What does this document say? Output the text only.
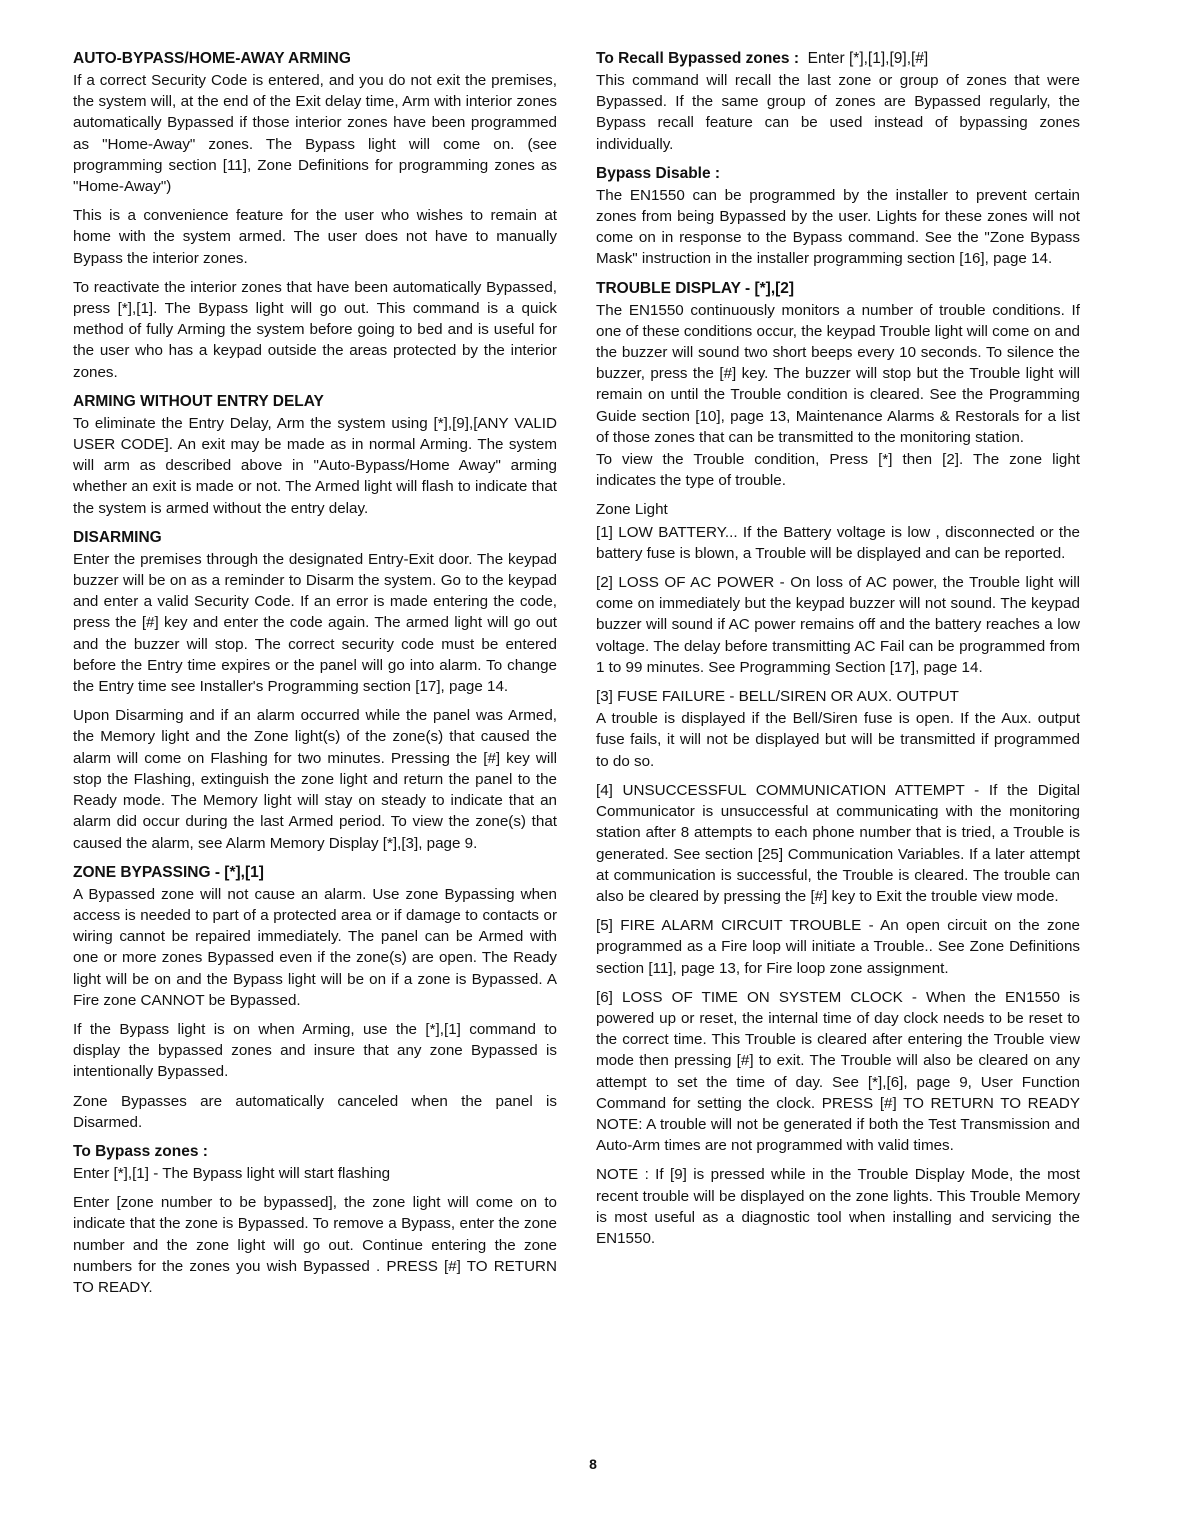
AUTO-BYPASS/HOME-AWAY ARMING

If a correct Security Code is entered, and you do not exit the premises, the system will, at the end of the Exit delay time, Arm with interior zones automatically Bypassed if those interior zones have been programmed as "Home-Away" zones. The Bypass light will come on. (see programming section [11], Zone Definitions for programming zones as "Home-Away")

This is a convenience feature for the user who wishes to remain at home with the system armed. The user does not have to manually Bypass the interior zones.

To reactivate the interior zones that have been automatically Bypassed, press [*],[1]. The Bypass light will go out. This command is a quick method of fully Arming the system before going to bed and is useful for the user who has a keypad outside the areas protected by the interior zones.

ARMING WITHOUT ENTRY DELAY

To eliminate the Entry Delay, Arm the system using [*],[9],[ANY VALID USER CODE]. An exit may be made as in normal Arming. The system will arm as described above in "Auto-Bypass/Home Away" arming whether an exit is made or not. The Armed light will flash to indicate that the system is armed without the entry delay.

DISARMING

Enter the premises through the designated Entry-Exit door. The keypad buzzer will be on as a reminder to Disarm the system. Go to the keypad and enter a valid Security Code. If an error is made entering the code, press the [#] key and enter the code again. The armed light will go out and the buzzer will stop. The correct security code must be entered before the Entry time expires or the panel will go into alarm. To change the Entry time see Installer's Programming section [17], page 14.

Upon Disarming and if an alarm occurred while the panel was Armed, the Memory light and the Zone light(s) of the zone(s) that caused the alarm will come on Flashing for two minutes. Pressing the [#] key will stop the Flashing, extinguish the zone light and return the panel to the Ready mode. The Memory light will stay on steady to indicate that an alarm did occur during the last Armed period. To view the zone(s) that caused the alarm, see Alarm Memory Display [*],[3], page 9.

ZONE BYPASSING - [*],[1]

A Bypassed zone will not cause an alarm. Use zone Bypassing when access is needed to part of a protected area or if damage to contacts or wiring cannot be repaired immediately. The panel can be Armed with one or more zones Bypassed even if the zone(s) are open. The Ready light will be on and the Bypass light will be on if a zone is Bypassed. A Fire zone CANNOT be Bypassed.

If the Bypass light is on when Arming, use the [*],[1] command to display the bypassed zones and insure that any zone Bypassed is intentionally Bypassed.

Zone Bypasses are automatically canceled when the panel is Disarmed.

To Bypass zones :

Enter [*],[1] - The Bypass light will start flashing

Enter [zone number to be bypassed], the zone light will come on to indicate that the zone is Bypassed. To remove a Bypass, enter the zone number and the zone light will go out. Continue entering the zone numbers for the zones you wish Bypassed . PRESS [#] TO RETURN TO READY.

To Recall Bypassed zones : Enter [*],[1],[9],[#]

This command will recall the last zone or group of zones that were Bypassed. If the same group of zones are Bypassed regularly, the Bypass recall feature can be used instead of bypassing zones individually.

Bypass Disable :

The EN1550 can be programmed by the installer to prevent certain zones from being Bypassed by the user. Lights for these zones will not come on in response to the Bypass command. See the "Zone Bypass Mask" instruction in the installer programming section [16], page 14.

TROUBLE DISPLAY - [*],[2]

The EN1550 continuously monitors a number of trouble conditions. If one of these conditions occur, the keypad Trouble light will come on and the buzzer will sound two short beeps every 10 seconds. To silence the buzzer, press the [#] key. The buzzer will stop but the Trouble light will remain on until the Trouble condition is cleared. See the Programming Guide section [10], page 13, Maintenance Alarms & Restorals for a list of those zones that can be transmitted to the monitoring station.

To view the Trouble condition, Press [*] then [2]. The zone light indicates the type of trouble.

Zone Light

[1] LOW BATTERY... If the Battery voltage is low , disconnected or the battery fuse is blown, a Trouble will be displayed and can be reported.

[2] LOSS OF AC POWER - On loss of AC power, the Trouble light will come on immediately but the keypad buzzer will not sound. The keypad buzzer will sound if AC power remains off and the battery reaches a low voltage. The delay before transmitting AC Fail can be programmed from 1 to 99 minutes. See Programming Section [17], page 14.

[3] FUSE FAILURE - BELL/SIREN OR AUX. OUTPUT

A trouble is displayed if the Bell/Siren fuse is open. If the Aux. output fuse fails, it will not be displayed but will be transmitted if programmed to do so.

[4] UNSUCCESSFUL COMMUNICATION ATTEMPT - If the Digital Communicator is unsuccessful at communicating with the monitoring station after 8 attempts to each phone number that is tried, a Trouble is generated. See section [25] Communication Variables. If a later attempt at communication is successful, the Trouble is cleared. The trouble can also be cleared by pressing the [#] key to Exit the trouble view mode.

[5] FIRE ALARM CIRCUIT TROUBLE - An open circuit on the zone programmed as a Fire loop will initiate a Trouble.. See Zone Definitions section [11], page 13, for Fire loop zone assignment.

[6] LOSS OF TIME ON SYSTEM CLOCK - When the EN1550 is powered up or reset, the internal time of day clock needs to be reset to the correct time. This Trouble is cleared after entering the Trouble view mode then pressing [#] to exit. The Trouble will also be cleared on any attempt to set the time of day. See [*],[6], page 9, User Function Command for setting the clock. PRESS [#] TO RETURN TO READY NOTE: A trouble will not be generated if both the Test Transmission and Auto-Arm times are not programmed with valid times.

NOTE : If [9] is pressed while in the Trouble Display Mode, the most recent trouble will be displayed on the zone lights. This Trouble Memory is most useful as a diagnostic tool when installing and servicing the EN1550.

8
